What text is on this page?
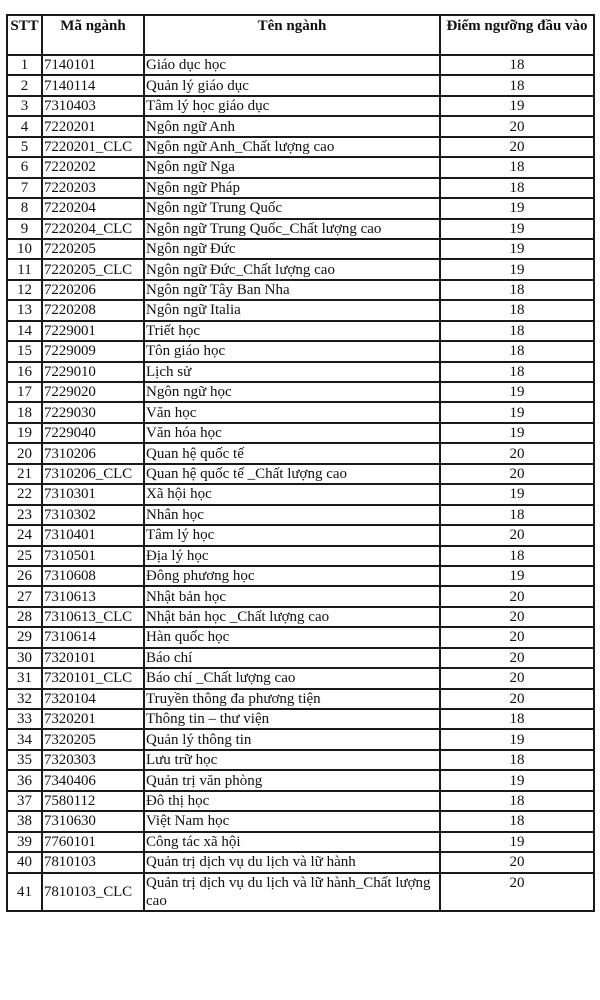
STT	Mã ngành	Tên ngành	Điểm ngưỡng đầu vào
1	7140101	Giáo dục học	18
2	7140114	Quản lý giáo dục	18
3	7310403	Tâm lý học giáo dục	19
4	7220201	Ngôn ngữ Anh	20
5	7220201_CLC	Ngôn ngữ Anh_Chất lượng cao	20
6	7220202	Ngôn ngữ Nga	18
7	7220203	Ngôn ngữ Pháp	18
8	7220204	Ngôn ngữ Trung Quốc	19
9	7220204_CLC	Ngôn ngữ Trung Quốc_Chất lượng cao	19
10	7220205	Ngôn ngữ Đức	19
11	7220205_CLC	Ngôn ngữ Đức_Chất lượng cao	19
12	7220206	Ngôn ngữ Tây Ban Nha	18
13	7220208	Ngôn ngữ Italia	18
14	7229001	Triết học	18
15	7229009	Tôn giáo học	18
16	7229010	Lịch sử	18
17	7229020	Ngôn ngữ học	19
18	7229030	Văn học	19
19	7229040	Văn hóa học	19
20	7310206	Quan hệ quốc tế	20
21	7310206_CLC	Quan hệ quốc tế _Chất lượng cao	20
22	7310301	Xã hội học	19
23	7310302	Nhân học	18
24	7310401	Tâm lý học	20
25	7310501	Địa lý học	18
26	7310608	Đông phương học	19
27	7310613	Nhật bản học	20
28	7310613_CLC	Nhật bản học _Chất lượng cao	20
29	7310614	Hàn quốc học	20
30	7320101	Báo chí	20
31	7320101_CLC	Báo chí _Chất lượng cao	20
32	7320104	Truyền thông đa phương tiện	20
33	7320201	Thông tin – thư viện	18
34	7320205	Quản lý thông tin	19
35	7320303	Lưu trữ học	18
36	7340406	Quản trị văn phòng	19
37	7580112	Đô thị học	18
38	7310630	Việt Nam học	18
39	7760101	Công tác xã hội	19
40	7810103	Quản trị dịch vụ du lịch và lữ hành	20
41	7810103_CLC	Quản trị dịch vụ du lịch và lữ hành_Chất lượng cao	20
